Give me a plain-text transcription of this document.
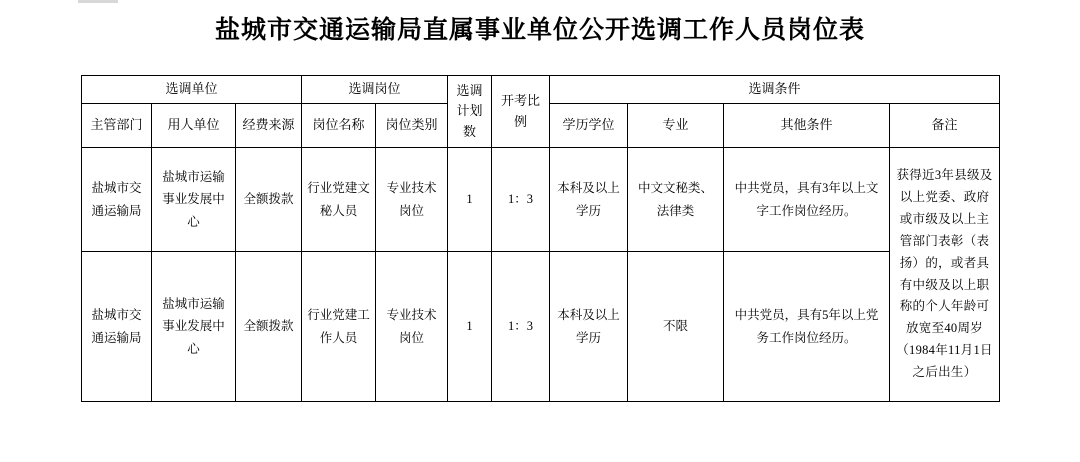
盐城市交通运输局直属事业单位公开选调工作人员岗位表
选调单位			选调岗位		选调计划数	开考比例	选调条件			
主管部门	用人单位	经费来源	岗位名称	岗位类别			学历学位	专业	其他条件	备注
盐城市交通运输局	盐城市运输事业发展中心	全额拨款	行业党建文秘人员	专业技术岗位	1	1：3	本科及以上学历	中文文秘类、法律类	中共党员，具有3年以上文字工作岗位经历。	获得近3年县级及以上党委、政府或市级及以上主管部门表彰（表扬）的，或者具有中级及以上职称的个人年龄可放宽至40周岁（1984年11月1日之后出生）
盐城市交通运输局	盐城市运输事业发展中心	全额拨款	行业党建工作人员	专业技术岗位	1	1：3	本科及以上学历	不限	中共党员，具有5年以上党务工作岗位经历。	
